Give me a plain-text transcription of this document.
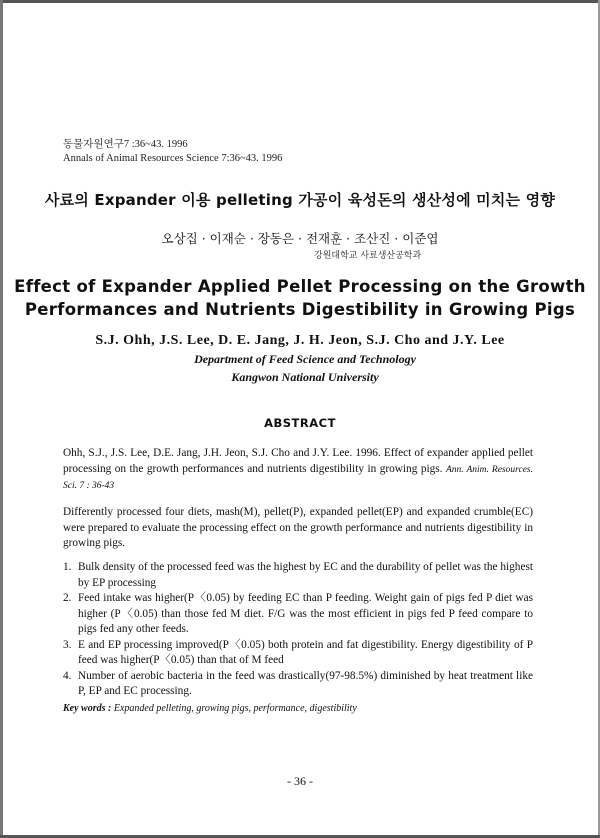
동물자원연구7 :36~43. 1996
Annals of Animal Resources Science 7:36~43. 1996
사료의 Expander 이용 pelleting 가공이 육성돈의 생산성에 미치는 영향
오상집 · 이재순 · 장동은 · 전재훈 · 조산진 · 이준엽
강원대학교 사료생산공학과
Effect of Expander Applied Pellet Processing on the Growth
Performances and Nutrients Digestibility in Growing Pigs
S.J. Ohh, J.S. Lee, D. E. Jang, J. H. Jeon, S.J. Cho and J.Y. Lee
Department of Feed Science and Technology
Kangwon National University
ABSTRACT
Ohh, S.J., J.S. Lee, D.E. Jang, J.H. Jeon, S.J. Cho and J.Y. Lee. 1996. Effect of expander applied pellet processing on the growth performances and nutrients digestibility in growing pigs. Ann. Anim. Resources. Sci. 7 : 36-43
Differently processed four diets, mash(M), pellet(P), expanded pellet(EP) and expanded crumble(EC) were prepared to evaluate the processing effect on the growth performance and nutrients digestibility in growing pigs.
1. Bulk density of the processed feed was the highest by EC and the durability of pellet was the highest by EP processing
2. Feed intake was higher(P〈0.05) by feeding EC than P feeding. Weight gain of pigs fed P diet was higher (P〈0.05) than those fed M diet. F/G was the most efficient in pigs fed P feed compare to pigs fed any other feeds.
3. E and EP processing improved(P〈0.05) both protein and fat digestibility. Energy digestibility of P feed was higher(P〈0.05) than that of M feed
4. Number of aerobic bacteria in the feed was drastically(97-98.5%) diminished by heat treatment like P, EP and EC processing.
Key words : Expanded pelleting, growing pigs, performance, digestibility
- 36 -
